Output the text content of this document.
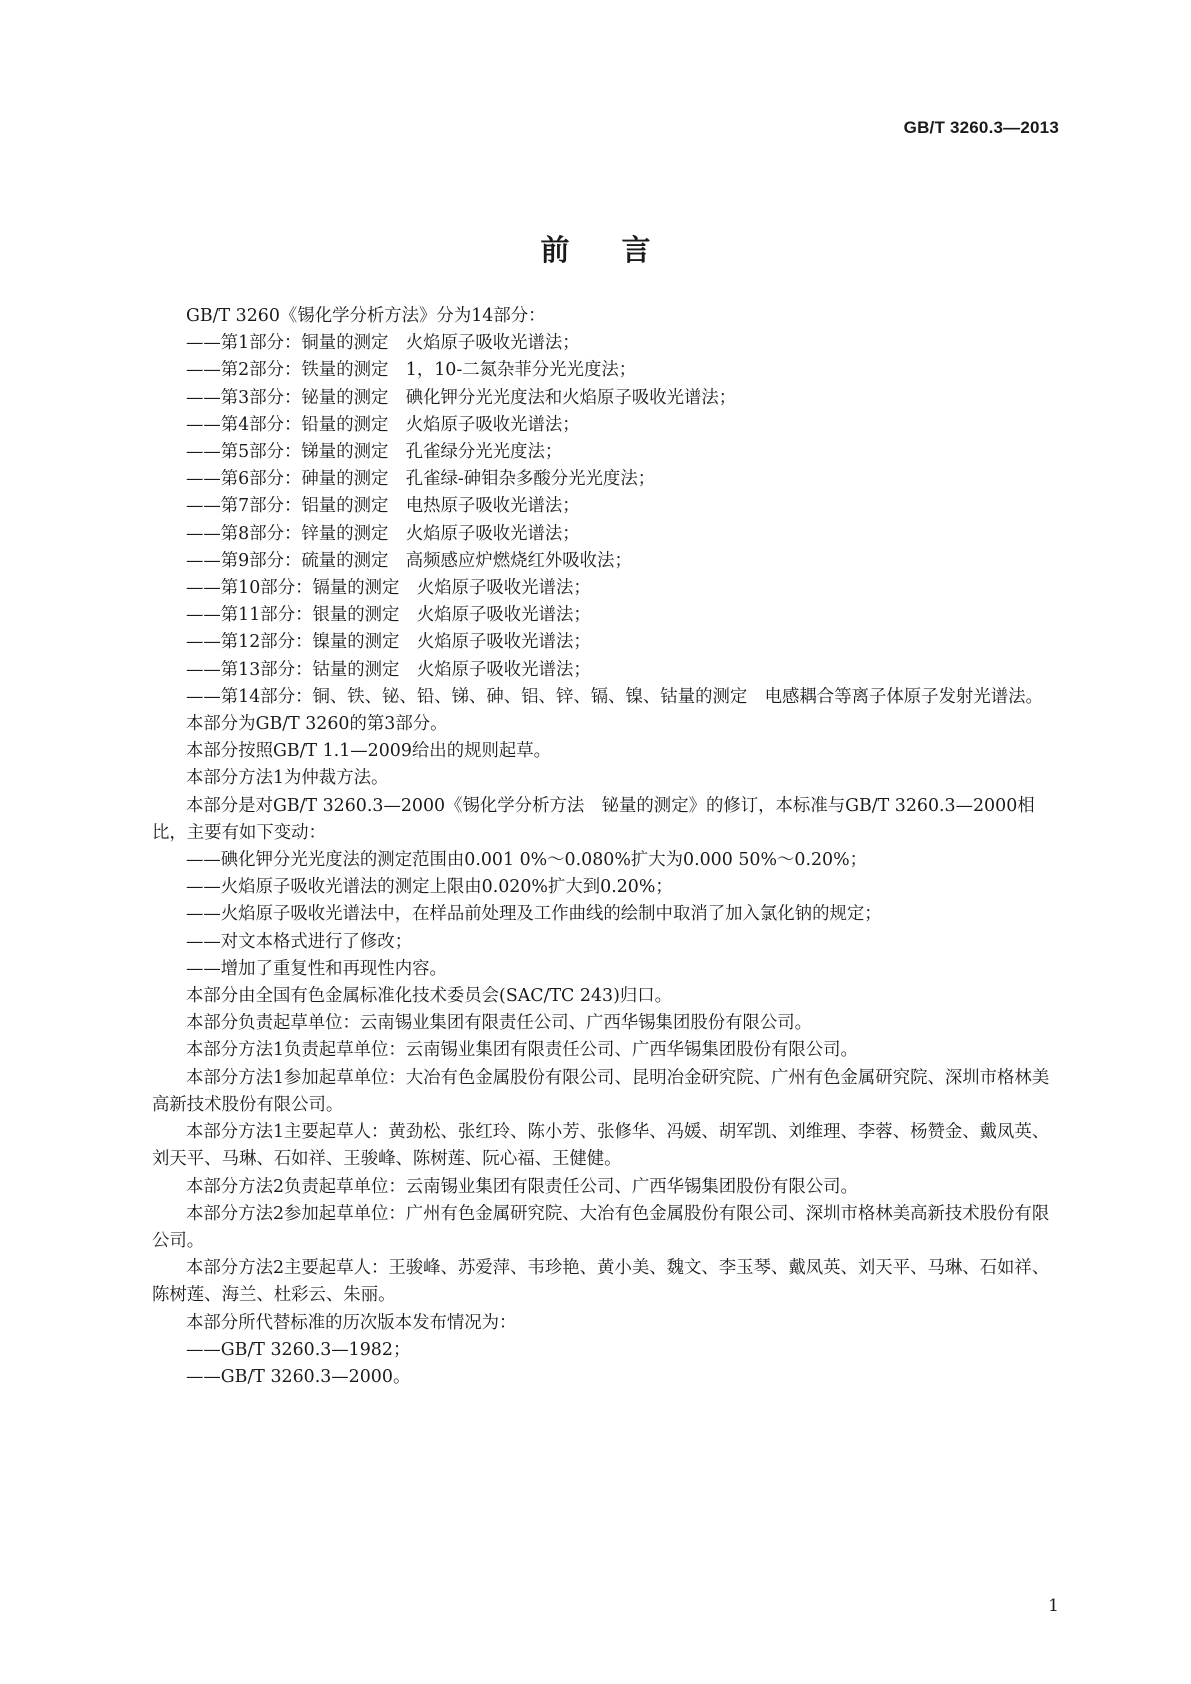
GB/T 3260.3—2013
前 言

GB/T 3260《锡化学分析方法》分为14部分：

——第1部分：铜量的测定　火焰原子吸收光谱法；

——第2部分：铁量的测定　1，10-二氮杂菲分光光度法；

——第3部分：铋量的测定　碘化钾分光光度法和火焰原子吸收光谱法；

——第4部分：铅量的测定　火焰原子吸收光谱法；

——第5部分：锑量的测定　孔雀绿分光光度法；

——第6部分：砷量的测定　孔雀绿-砷钼杂多酸分光光度法；

——第7部分：铝量的测定　电热原子吸收光谱法；

——第8部分：锌量的测定　火焰原子吸收光谱法；

——第9部分：硫量的测定　高频感应炉燃烧红外吸收法；

——第10部分：镉量的测定　火焰原子吸收光谱法；

——第11部分：银量的测定　火焰原子吸收光谱法；

——第12部分：镍量的测定　火焰原子吸收光谱法；

——第13部分：钴量的测定　火焰原子吸收光谱法；

——第14部分：铜、铁、铋、铅、锑、砷、铝、锌、镉、镍、钴量的测定　电感耦合等离子体原子发射光谱法。

本部分为GB/T 3260的第3部分。

本部分按照GB/T 1.1—2009给出的规则起草。

本部分方法1为仲裁方法。

本部分是对GB/T 3260.3—2000《锡化学分析方法　铋量的测定》的修订，本标准与GB/T 3260.3—2000相比，主要有如下变动：

——碘化钾分光光度法的测定范围由0.001 0%～0.080%扩大为0.000 50%～0.20%；

——火焰原子吸收光谱法的测定上限由0.020%扩大到0.20%；

——火焰原子吸收光谱法中，在样品前处理及工作曲线的绘制中取消了加入氯化钠的规定；

——对文本格式进行了修改；

——增加了重复性和再现性内容。

本部分由全国有色金属标准化技术委员会(SAC/TC 243)归口。

本部分负责起草单位：云南锡业集团有限责任公司、广西华锡集团股份有限公司。

本部分方法1负责起草单位：云南锡业集团有限责任公司、广西华锡集团股份有限公司。

本部分方法1参加起草单位：大冶有色金属股份有限公司、昆明冶金研究院、广州有色金属研究院、深圳市格林美高新技术股份有限公司。

本部分方法1主要起草人：黄劲松、张红玲、陈小芳、张修华、冯媛、胡军凯、刘维理、李蓉、杨赞金、戴凤英、刘天平、马琳、石如祥、王骏峰、陈树莲、阮心福、王健健。

本部分方法2负责起草单位：云南锡业集团有限责任公司、广西华锡集团股份有限公司。

本部分方法2参加起草单位：广州有色金属研究院、大冶有色金属股份有限公司、深圳市格林美高新技术股份有限公司。

本部分方法2主要起草人：王骏峰、苏爱萍、韦珍艳、黄小美、魏文、李玉琴、戴凤英、刘天平、马琳、石如祥、陈树莲、海兰、杜彩云、朱丽。

本部分所代替标准的历次版本发布情况为：

——GB/T 3260.3—1982；

——GB/T 3260.3—2000。

1
